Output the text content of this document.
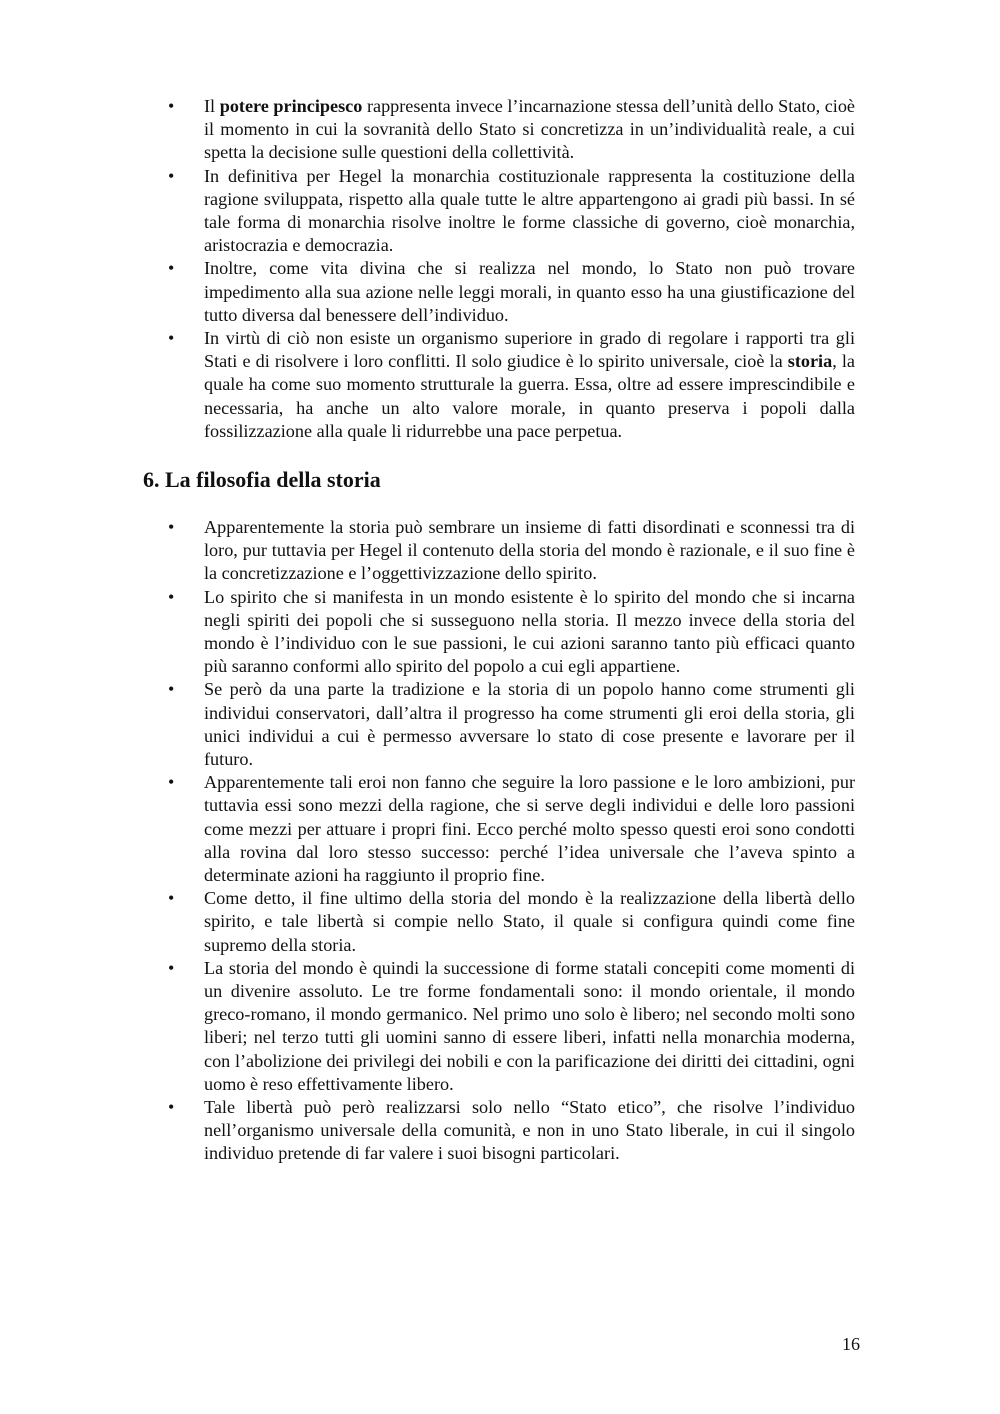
•	Il potere principesco rappresenta invece l’incarnazione stessa dell’unità dello Stato, cioè il momento in cui la sovranità dello Stato si concretizza in un’individualità reale, a cui spetta la decisione sulle questioni della collettività.
•	In definitiva per Hegel la monarchia costituzionale rappresenta la costituzione della ragione sviluppata, rispetto alla quale tutte le altre appartengono ai gradi più bassi. In sé tale forma di monarchia risolve inoltre le forme classiche di governo, cioè monarchia, aristocrazia e democrazia.
•	Inoltre, come vita divina che si realizza nel mondo, lo Stato non può trovare impedimento alla sua azione nelle leggi morali, in quanto esso ha una giustificazione del tutto diversa dal benessere dell’individuo.
•	In virtù di ciò non esiste un organismo superiore in grado di regolare i rapporti tra gli Stati e di risolvere i loro conflitti. Il solo giudice è lo spirito universale, cioè la storia, la quale ha come suo momento strutturale la guerra. Essa, oltre ad essere imprescindibile e necessaria, ha anche un alto valore morale, in quanto preserva i popoli dalla fossilizzazione alla quale li ridurrebbe una pace perpetua.
6. La filosofia della storia
•	Apparentemente la storia può sembrare un insieme di fatti disordinati e sconnessi tra di loro, pur tuttavia per Hegel il contenuto della storia del mondo è razionale, e il suo fine è la concretizzazione e l’oggettivizzazione dello spirito.
•	Lo spirito che si manifesta in un mondo esistente è lo spirito del mondo che si incarna negli spiriti dei popoli che si susseguono nella storia. Il mezzo invece della storia del mondo è l’individuo con le sue passioni, le cui azioni saranno tanto più efficaci quanto più saranno conformi allo spirito del popolo a cui egli appartiene.
•	Se però da una parte la tradizione e la storia di un popolo hanno come strumenti gli individui conservatori, dall’altra il progresso ha come strumenti gli eroi della storia, gli unici individui a cui è permesso avversare lo stato di cose presente e lavorare per il futuro.
•	Apparentemente tali eroi non fanno che seguire la loro passione e le loro ambizioni, pur tuttavia essi sono mezzi della ragione, che si serve degli individui e delle loro passioni come mezzi per attuare i propri fini. Ecco perché molto spesso questi eroi sono condotti alla rovina dal loro stesso successo: perché l’idea universale che l’aveva spinto a determinate azioni ha raggiunto il proprio fine.
•	Come detto, il fine ultimo della storia del mondo è la realizzazione della libertà dello spirito, e tale libertà si compie nello Stato, il quale si configura quindi come fine supremo della storia.
•	La storia del mondo è quindi la successione di forme statali concepiti come momenti di un divenire assoluto. Le tre forme fondamentali sono: il mondo orientale, il mondo greco-romano, il mondo germanico. Nel primo uno solo è libero; nel secondo molti sono liberi; nel terzo tutti gli uomini sanno di essere liberi, infatti nella monarchia moderna, con l’abolizione dei privilegi dei nobili e con la parificazione dei diritti dei cittadini, ogni uomo è reso effettivamente libero.
•	Tale libertà può però realizzarsi solo nello “Stato etico”, che risolve l’individuo nell’organismo universale della comunità, e non in uno Stato liberale, in cui il singolo individuo pretende di far valere i suoi bisogni particolari.
16
